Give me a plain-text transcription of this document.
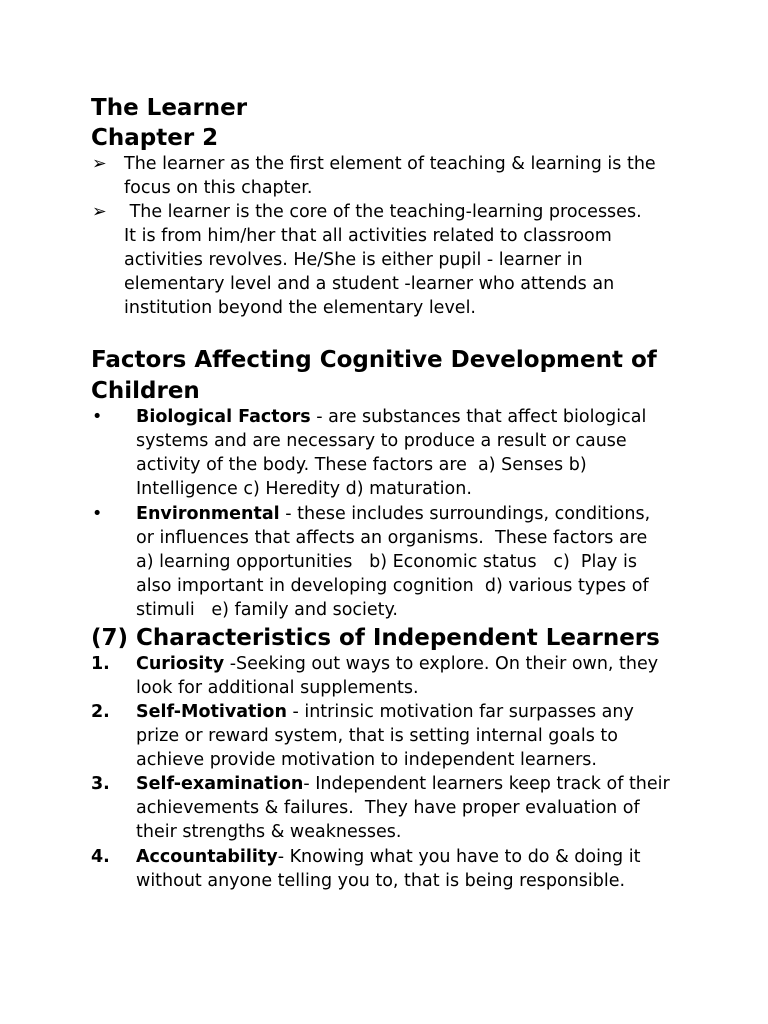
The Learner
Chapter 2
➢ The learner as the first element of teaching & learning is the
focus on this chapter.
➢ The learner is the core of the teaching-learning processes.
It is from him/her that all activities related to classroom
activities revolves. He/She is either pupil - learner in
elementary level and a student -learner who attends an
institution beyond the elementary level.
Factors Affecting Cognitive Development of
Children
• Biological Factors - are substances that affect biological
systems and are necessary to produce a result or cause
activity of the body. These factors are  a) Senses b)
Intelligence c) Heredity d) maturation.
• Environmental - these includes surroundings, conditions,
or influences that affects an organisms.  These factors are
a) learning opportunities   b) Economic status   c)  Play is
also important in developing cognition  d) various types of
stimuli   e) family and society.
(7) Characteristics of Independent Learners
1. Curiosity -Seeking out ways to explore. On their own, they
look for additional supplements.
2. Self-Motivation - intrinsic motivation far surpasses any
prize or reward system, that is setting internal goals to
achieve provide motivation to independent learners.
3. Self-examination- Independent learners keep track of their
achievements & failures.  They have proper evaluation of
their strengths & weaknesses.
4. Accountability- Knowing what you have to do & doing it
without anyone telling you to, that is being responsible.
